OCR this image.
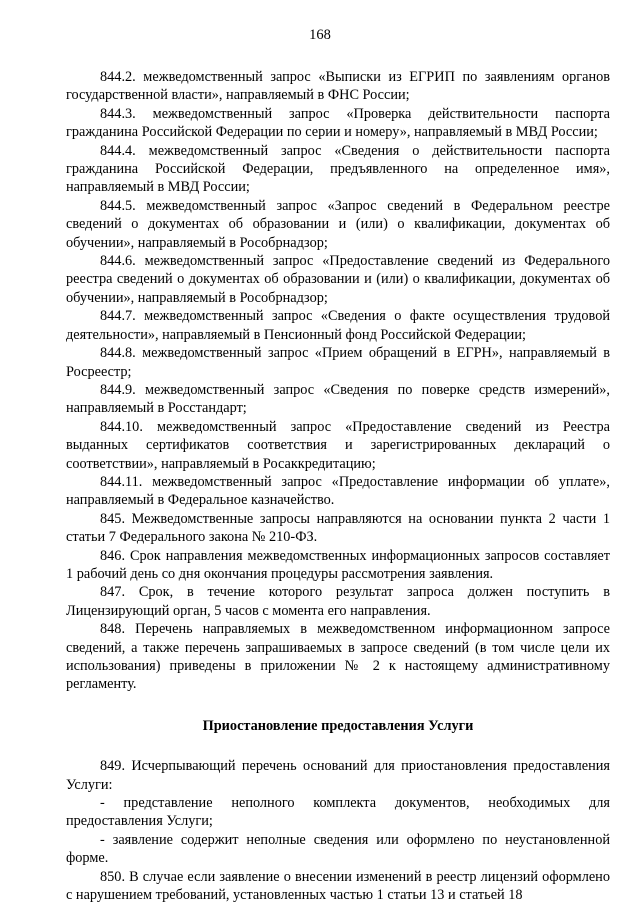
168

844.2. межведомственный запрос «Выписки из ЕГРИП по заявлениям органов государственной власти», направляемый в ФНС России;

844.3. межведомственный запрос «Проверка действительности паспорта гражданина Российской Федерации по серии и номеру», направляемый в МВД России;

844.4. межведомственный запрос «Сведения о действительности паспорта гражданина Российской Федерации, предъявленного на определенное имя», направляемый в МВД России;

844.5. межведомственный запрос «Запрос сведений в Федеральном реестре сведений о документах об образовании и (или) о квалификации, документах об обучении», направляемый в Рособрнадзор;

844.6. межведомственный запрос «Предоставление сведений из Федерального реестра сведений о документах об образовании и (или) о квалификации, документах об обучении», направляемый в Рособрнадзор;

844.7. межведомственный запрос «Сведения о факте осуществления трудовой деятельности», направляемый в Пенсионный фонд Российской Федерации;

844.8. межведомственный запрос «Прием обращений в ЕГРН», направляемый в Росреестр;

844.9. межведомственный запрос «Сведения по поверке средств измерений», направляемый в Росстандарт;

844.10. межведомственный запрос «Предоставление сведений из Реестра выданных сертификатов соответствия и зарегистрированных деклараций о соответствии», направляемый в Росаккредитацию;

844.11. межведомственный запрос «Предоставление информации об уплате», направляемый в Федеральное казначейство.

845. Межведомственные запросы направляются на основании пункта 2 части 1 статьи 7 Федерального закона № 210-ФЗ.

846. Срок направления межведомственных информационных запросов составляет 1 рабочий день со дня окончания процедуры рассмотрения заявления.

847. Срок, в течение которого результат запроса должен поступить в Лицензирующий орган, 5 часов с момента его направления.

848. Перечень направляемых в межведомственном информационном запросе сведений, а также перечень запрашиваемых в запросе сведений (в том числе цели их использования) приведены в приложении № 2 к настоящему административному регламенту.

Приостановление предоставления Услуги

849. Исчерпывающий перечень оснований для приостановления предоставления Услуги:

- представление неполного комплекта документов, необходимых для предоставления Услуги;

- заявление содержит неполные сведения или оформлено по неустановленной форме.

850. В случае если заявление о внесении изменений в реестр лицензий оформлено с нарушением требований, установленных частью 1 статьи 13 и статьей 18
